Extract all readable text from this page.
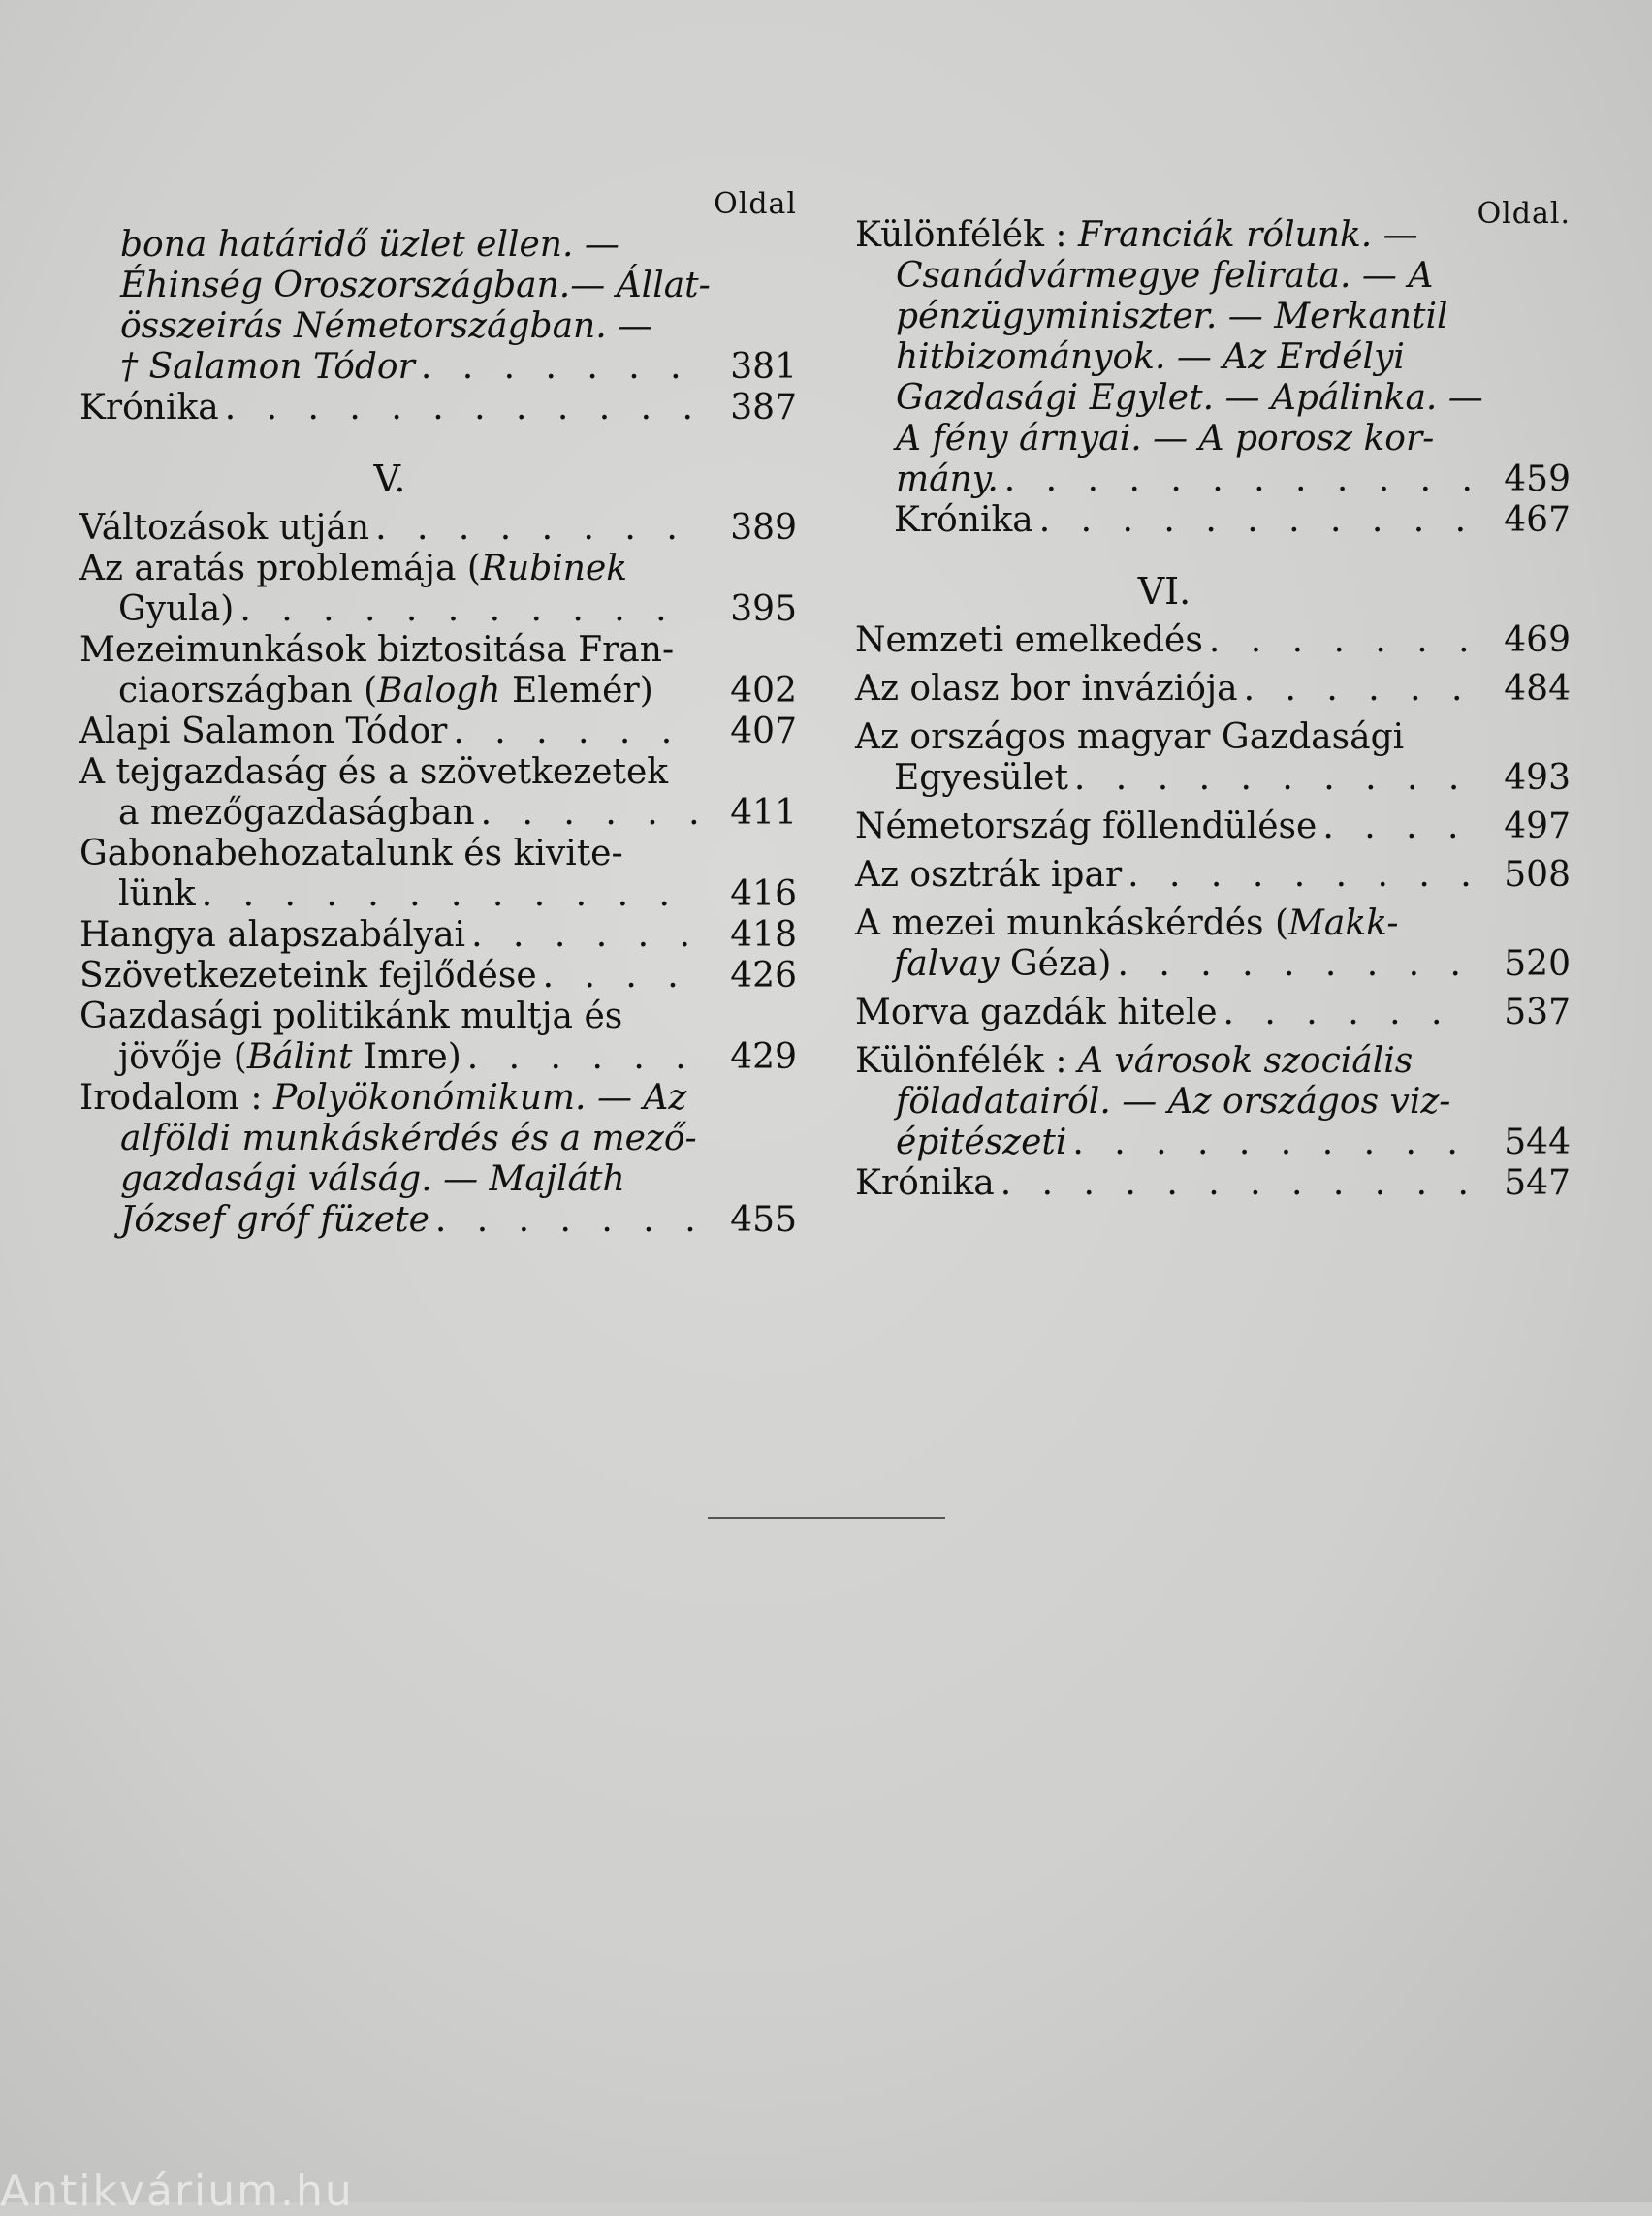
Oldal
bona határidő üzlet ellen. —
Éhinség Oroszországban.— Állat-
összeirás Németországban. —
† Salamon Tódor . . .	381
Krónika . . .	387
V.
Változások utján . . .	389
Az aratás problemája (Rubinek
Gyula) . . .	395
Mezeimunkások biztositása Fran-
ciaországban (Balogh Elemér)	402
Alapi Salamon Tódor . . .	407
A tejgazdaság és a szövetkezetek
a mezőgazdaságban . . .	411
Gabonabehozatalunk és kivite-
lünk . . .	416
Hangya alapszabályai . . .	418
Szövetkezeteink fejlődése . . .	426
Gazdasági politikánk multja és
jövője (Bálint Imre) . . .	429
Irodalom : Polyökonómikum. — Az
alföldi munkáskérdés és a mező-
gazdasági válság. — Majláth
József gróf füzete . . .	455
Oldal.
Különfélék : Franciák rólunk. —
Csanádvármegye felirata. — A
pénzügyminiszter. — Merkantil
hitbizományok. — Az Erdélyi
Gazdasági Egylet. — Apálinka. —
A fény árnyai. — A porosz kor-
mány. . . .	459
Krónika . . .	467
VI.
Nemzeti emelkedés . . .	469
Az olasz bor inváziója . . .	484
Az országos magyar Gazdasági
Egyesület . . .	493
Németország föllendülése . . .	497
Az osztrák ipar . . .	508
A mezei munkáskérdés (Makk-
falvay Géza) . . .	520
Morva gazdák hitele . . .	537
Különfélék : A városok szociális
föladatairól. — Az országos viz-
épitészeti . . .	544
Krónika . . .	547
Antikvárium.hu
